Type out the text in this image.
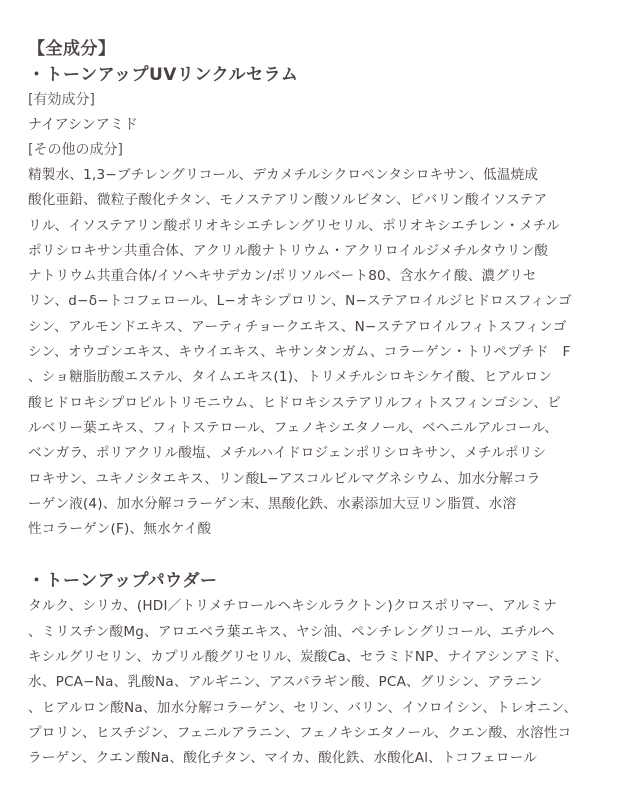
【全成分】
・トーンアップUVリンクルセラム

[有効成分]

ナイアシンアミド

[その他の成分]

精製水、1,3−ブチレングリコール、デカメチルシクロペンタシロキサン、低温焼成
酸化亜鉛、微粒子酸化チタン、モノステアリン酸ソルビタン、ピバリン酸イソステア
リル、イソステアリン酸ポリオキシエチレングリセリル、ポリオキシエチレン・メチル
ポリシロキサン共重合体、アクリル酸ナトリウム・アクリロイルジメチルタウリン酸
ナトリウム共重合体/イソヘキサデカン/ポリソルベート80、含水ケイ酸、濃グリセ
リン、d−δ−トコフェロール、L−オキシプロリン、N−ステアロイルジヒドロスフィンゴ
シン、アルモンドエキス、アーティチョークエキス、N−ステアロイルフィトスフィンゴ
シン、オウゴンエキス、キウイエキス、キサンタンガム、コラーゲン・トリペプチド　F
、ショ糖脂肪酸エステル、タイムエキス(1)、トリメチルシロキシケイ酸、ヒアルロン
酸ヒドロキシプロピルトリモニウム、ヒドロキシステアリルフィトスフィンゴシン、ビ
ルベリー葉エキス、フィトステロール、フェノキシエタノール、ベヘニルアルコール、
ベンガラ、ポリアクリル酸塩、メチルハイドロジェンポリシロキサン、メチルポリシ
ロキサン、ユキノシタエキス、リン酸L−アスコルビルマグネシウム、加水分解コラ
ーゲン液(4)、加水分解コラーゲン末、黒酸化鉄、水素添加大豆リン脂質、水溶
性コラーゲン(F)、無水ケイ酸

・トーンアップパウダー

タルク、シリカ、(HDI／トリメチロールヘキシルラクトン)クロスポリマー、アルミナ
、ミリスチン酸Mg、アロエベラ葉エキス、ヤシ油、ペンチレングリコール、エチルヘ
キシルグリセリン、カプリル酸グリセリル、炭酸Ca、セラミドNP、ナイアシンアミド、
水、PCA−Na、乳酸Na、アルギニン、アスパラギン酸、PCA、グリシン、アラニン
、ヒアルロン酸Na、加水分解コラーゲン、セリン、バリン、イソロイシン、トレオニン、
プロリン、ヒスチジン、フェニルアラニン、フェノキシエタノール、クエン酸、水溶性コ
ラーゲン、クエン酸Na、酸化チタン、マイカ、酸化鉄、水酸化Al、トコフェロール
